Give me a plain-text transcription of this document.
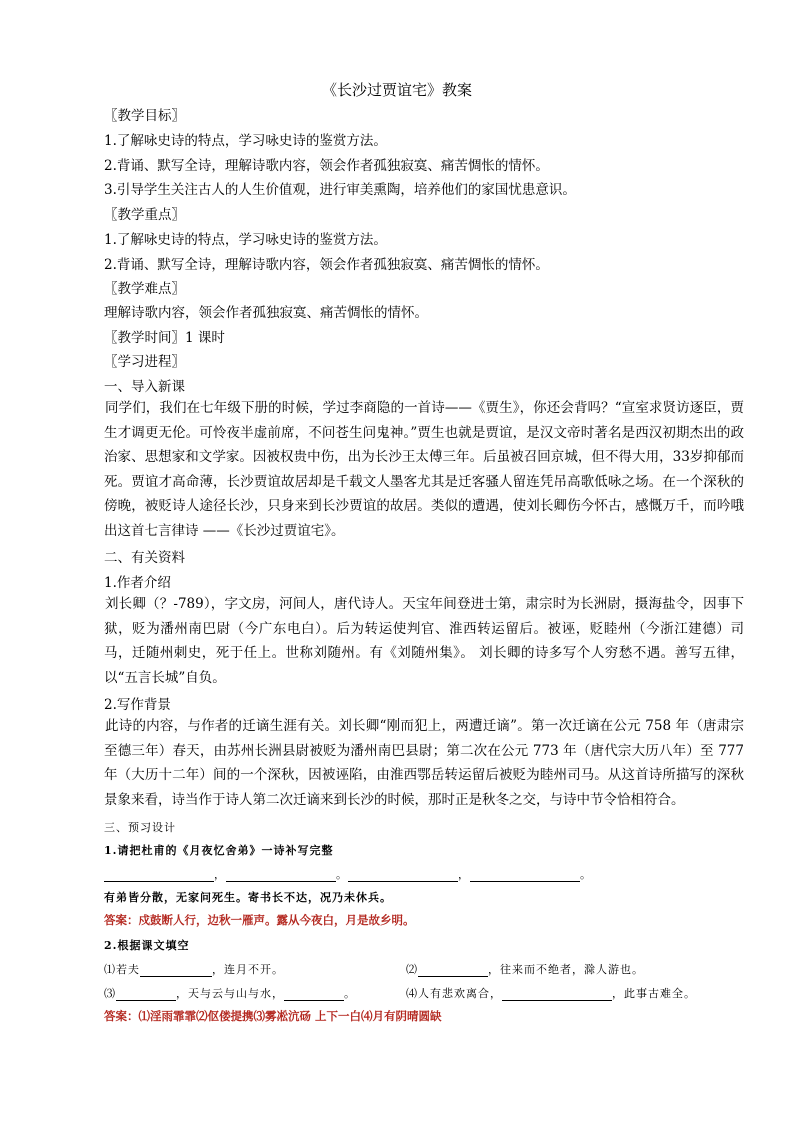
《长沙过贾谊宅》教案
〖教学目标〗
1.了解咏史诗的特点，学习咏史诗的鉴赏方法。
2.背诵、默写全诗，理解诗歌内容，领会作者孤独寂寞、痛苦惆怅的情怀。
3.引导学生关注古人的人生价值观，进行审美熏陶，培养他们的家国忧患意识。
〖教学重点〗
1.了解咏史诗的特点，学习咏史诗的鉴赏方法。
2.背诵、默写全诗，理解诗歌内容，领会作者孤独寂寞、痛苦惆怅的情怀。
〖教学难点〗
理解诗歌内容，领会作者孤独寂寞、痛苦惆怅的情怀。
〖教学时间〗1 课时
〖学习进程〗
一、导入新课
同学们，我们在七年级下册的时候，学过李商隐的一首诗——《贾生》，你还会背吗？“宣室求贤访逐臣，贾生才调更无伦。可怜夜半虚前席，不问苍生问鬼神。”贾生也就是贾谊，是汉文帝时著名是西汉初期杰出的政治家、思想家和文学家。因被权贵中伤，出为长沙王太傅三年。后虽被召回京城，但不得大用，33岁抑郁而死。贾谊才高命薄，长沙贾谊故居却是千载文人墨客尤其是迁客骚人留连凭吊高歌低咏之场。在一个深秋的傍晚，被贬诗人途径长沙，只身来到长沙贾谊的故居。类似的遭遇，使刘长卿伤今怀古，感慨万千，而吟哦出这首七言律诗 ——《长沙过贾谊宅》。
二、有关资料
1.作者介绍
刘长卿（？-789），字文房，河间人，唐代诗人。天宝年间登进士第，肃宗时为长洲尉，摄海盐令，因事下狱，贬为潘州南巴尉（今广东电白）。后为转运使判官、淮西转运留后。被诬，贬睦州（今浙江建德）司马，迁随州刺史，死于任上。世称刘随州。有《刘随州集》。 刘长卿的诗多写个人穷愁不遇。善写五律，以“五言长城”自负。
2.写作背景
此诗的内容，与作者的迁谪生涯有关。刘长卿“刚而犯上，两遭迁谪”。第一次迁谪在公元 758 年（唐肃宗至德三年）春天，由苏州长洲县尉被贬为潘州南巴县尉；第二次在公元 773 年（唐代宗大历八年）至 777 年（大历十二年）间的一个深秋，因被诬陷，由淮西鄂岳转运留后被贬为睦州司马。从这首诗所描写的深秋景象来看，诗当作于诗人第二次迁谪来到长沙的时候，那时正是秋冬之交，与诗中节令恰相符合。
三、预习设计
1.请把杜甫的《月夜忆舍弟》一诗补写完整
，	。	，	。
有弟皆分散，无家问死生。寄书长不达，况乃未休兵。
答案：戍鼓断人行，边秋一雁声。露从今夜白，月是故乡明。
2.根据课文填空
⑴若夫	，连月不开。	⑵	，往来而不绝者，滁人游也。
⑶	，天与云与山与水，	。	⑷人有悲欢离合，	，此事古难全。
答案：⑴淫雨霏霏⑵伛偻提携⑶雾凇沆砀 上下一白⑷月有阴晴圆缺
